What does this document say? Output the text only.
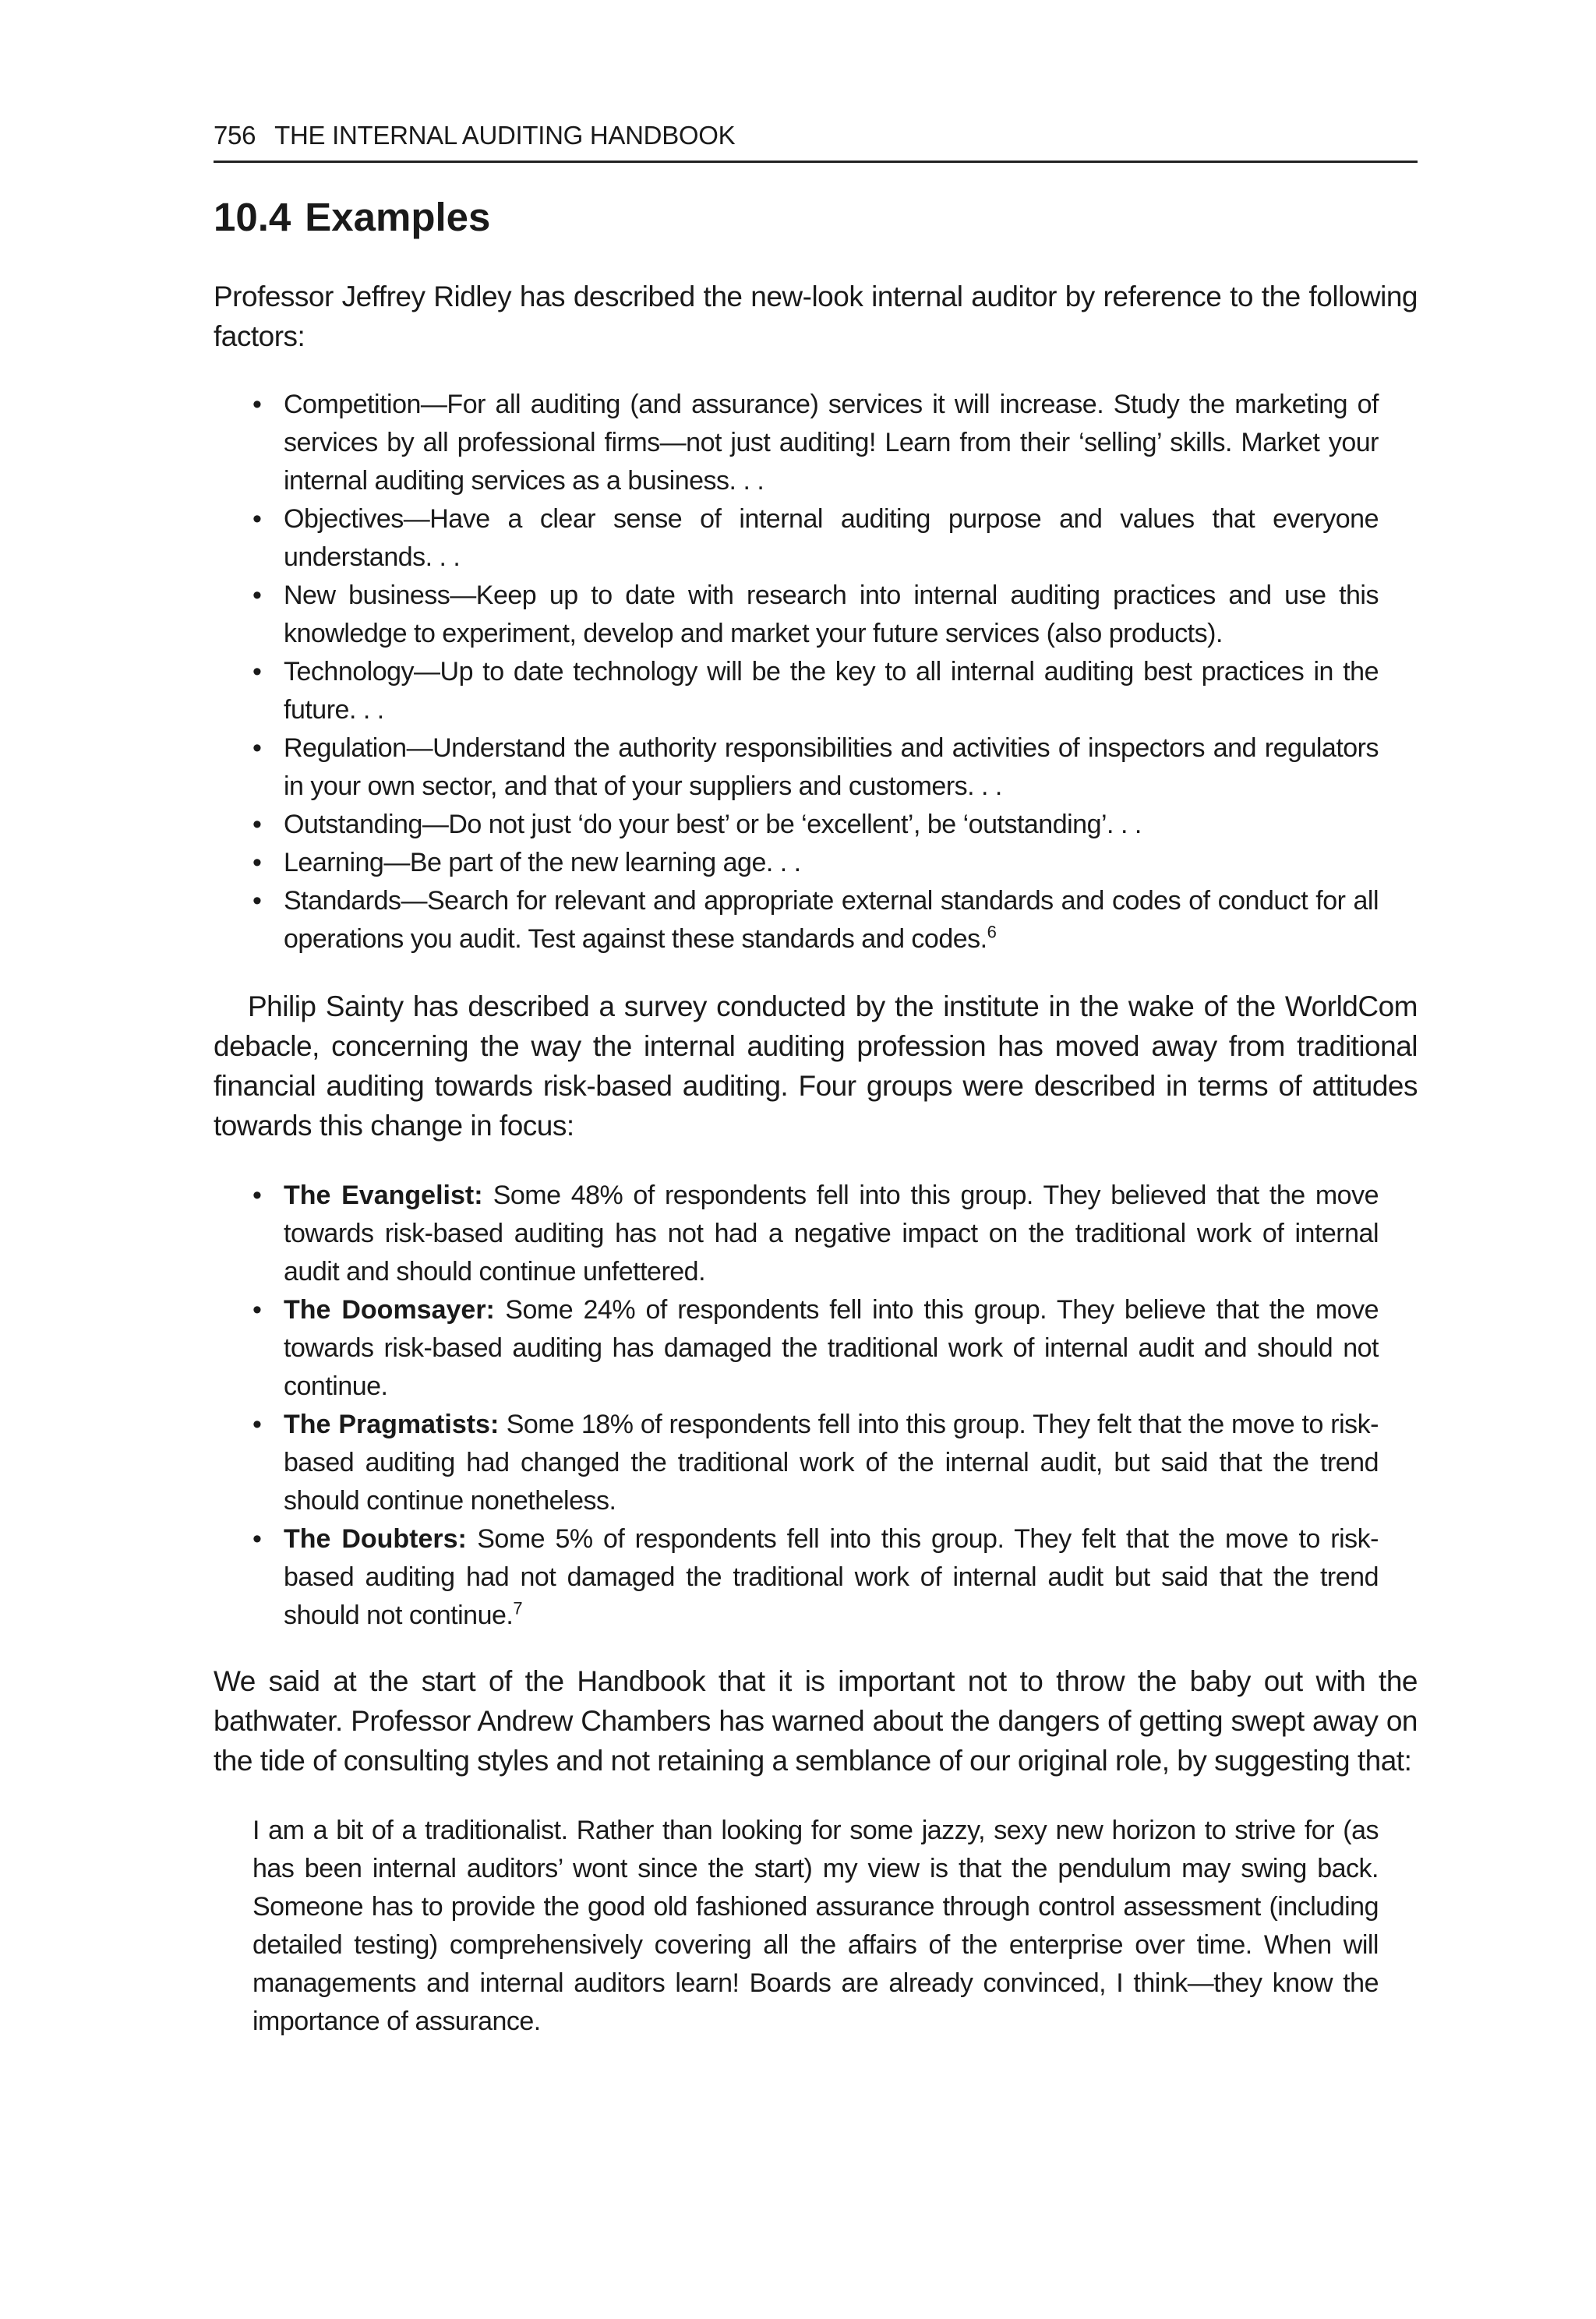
756 THE INTERNAL AUDITING HANDBOOK
10.4 Examples

Professor Jeffrey Ridley has described the new-look internal auditor by reference to the following factors:

• Competition—For all auditing (and assurance) services it will increase. Study the marketing of services by all professional firms—not just auditing! Learn from their ‘selling’ skills. Market your internal auditing services as a business. . .
• Objectives—Have a clear sense of internal auditing purpose and values that everyone understands. . .
• New business—Keep up to date with research into internal auditing practices and use this knowledge to experiment, develop and market your future services (also products).
• Technology—Up to date technology will be the key to all internal auditing best practices in the future. . .
• Regulation—Understand the authority responsibilities and activities of inspectors and regulators in your own sector, and that of your suppliers and customers. . .
• Outstanding—Do not just ‘do your best’ or be ‘excellent’, be ‘outstanding’. . .
• Learning—Be part of the new learning age. . .
• Standards—Search for relevant and appropriate external standards and codes of conduct for all operations you audit. Test against these standards and codes.$^6$

Philip Sainty has described a survey conducted by the institute in the wake of the WorldCom debacle, concerning the way the internal auditing profession has moved away from traditional financial auditing towards risk-based auditing. Four groups were described in terms of attitudes towards this change in focus:

• The Evangelist: Some 48% of respondents fell into this group. They believed that the move towards risk-based auditing has not had a negative impact on the traditional work of internal audit and should continue unfettered.
• The Doomsayer: Some 24% of respondents fell into this group. They believe that the move towards risk-based auditing has damaged the traditional work of internal audit and should not continue.
• The Pragmatists: Some 18% of respondents fell into this group. They felt that the move to risk-based auditing had changed the traditional work of the internal audit, but said that the trend should continue nonetheless.
• The Doubters: Some 5% of respondents fell into this group. They felt that the move to risk-based auditing had not damaged the traditional work of internal audit but said that the trend should not continue.$^7$

We said at the start of the Handbook that it is important not to throw the baby out with the bathwater. Professor Andrew Chambers has warned about the dangers of getting swept away on the tide of consulting styles and not retaining a semblance of our original role, by suggesting that:

I am a bit of a traditionalist. Rather than looking for some jazzy, sexy new horizon to strive for (as has been internal auditors’ wont since the start) my view is that the pendulum may swing back. Someone has to provide the good old fashioned assurance through control assessment (including detailed testing) comprehensively covering all the affairs of the enterprise over time. When will managements and internal auditors learn! Boards are already convinced, I think—they know the importance of assurance.
